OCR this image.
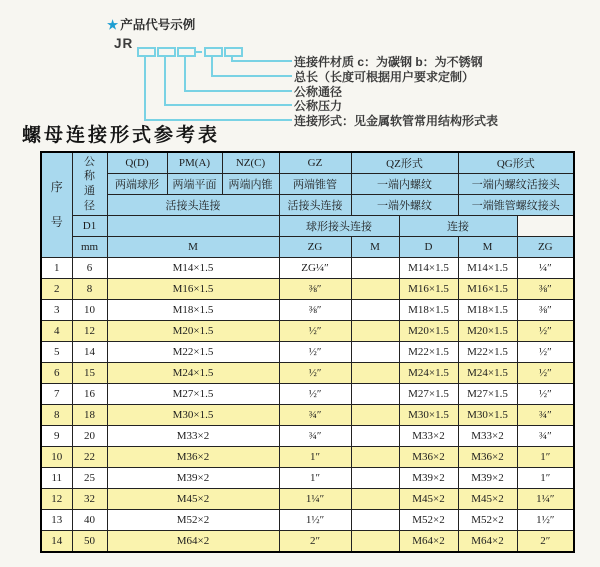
★ 产品代号示例
JR
连接件材质 c：为碳钢 b：为不锈钢
总长（长度可根据用户要求定制）
公称通径
公称压力
连接形式：见金属软管常用结构形式表
螺母连接形式参考表
序号	公称通径	Q(D)	PM(A)	NZ(C)	GZ	QZ形式		QG形式	
		两端球形	两端平面	两端内锥	两端锥管	一端内螺纹		一端内螺纹活接头	
		活接头连接			活接头连接	一端外螺纹		一端锥管螺纹接头	
	D1				球形接头连接		连接		
	mm	M			ZG	M	D	M	ZG
1	6	M14×1.5			ZG¼″		M14×1.5	M14×1.5	¼″
2	8	M16×1.5			⅜″		M16×1.5	M16×1.5	⅜″
3	10	M18×1.5			⅜″		M18×1.5	M18×1.5	⅜″
4	12	M20×1.5			½″		M20×1.5	M20×1.5	½″
5	14	M22×1.5			½″		M22×1.5	M22×1.5	½″
6	15	M24×1.5			½″		M24×1.5	M24×1.5	½″
7	16	M27×1.5			½″		M27×1.5	M27×1.5	½″
8	18	M30×1.5			¾″		M30×1.5	M30×1.5	¾″
9	20	M33×2			¾″		M33×2	M33×2	¾″
10	22	M36×2			1″		M36×2	M36×2	1″
11	25	M39×2			1″		M39×2	M39×2	1″
12	32	M45×2			1¼″		M45×2	M45×2	1¼″
13	40	M52×2			1½″		M52×2	M52×2	1½″
14	50	M64×2			2″		M64×2	M64×2	2″
